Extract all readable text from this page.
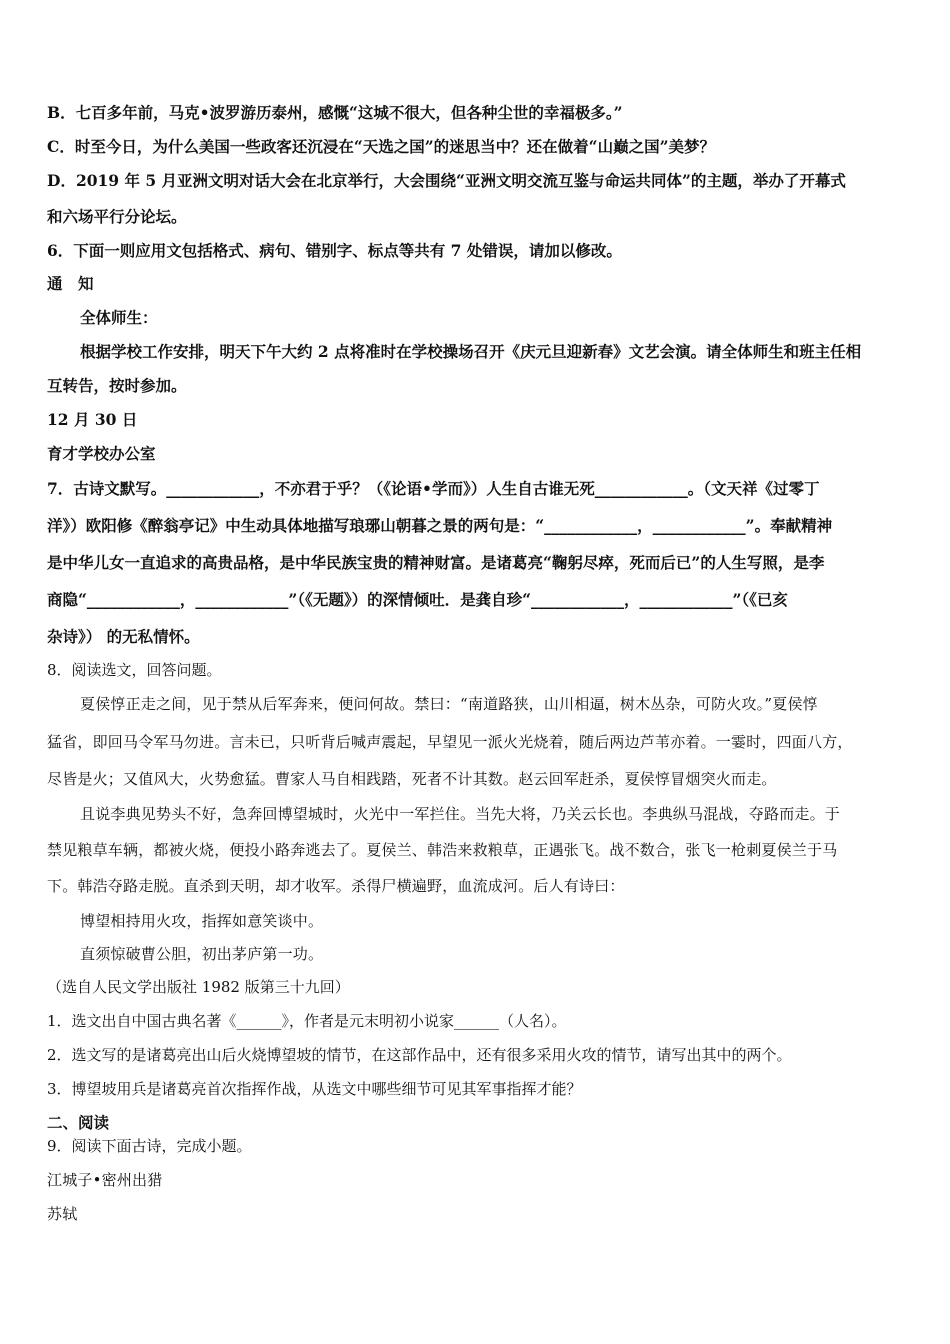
B．七百多年前，马克•波罗游历泰州，感慨“这城不很大，但各种尘世的幸福极多。”
C．时至今日，为什么美国一些政客还沉浸在“天选之国”的迷思当中？还在做着“山巅之国”美梦？
D．2019 年 5 月亚洲文明对话大会在北京举行，大会围绕“亚洲文明交流互鉴与命运共同体”的主题，举办了开幕式
和六场平行分论坛。
6．下面一则应用文包括格式、病句、错别字、标点等共有 7 处错误，请加以修改。
通　知
全体师生：
根据学校工作安排，明天下午大约 2 点将准时在学校操场召开《庆元旦迎新春》文艺会演。请全体师生和班主任相
互转告，按时参加。
12 月 30 日
育才学校办公室
7．古诗文默写。____________，不亦君于乎？（《论语•学而》）人生自古谁无死____________。（文天祥《过零丁
洋》）欧阳修《醉翁亭记》中生动具体地描写琅琊山朝暮之景的两句是：“____________，____________”。奉献精神
是中华儿女一直追求的高贵品格，是中华民族宝贵的精神财富。是诸葛亮“鞠躬尽瘁，死而后已”的人生写照，是李
商隐“____________，____________”（《无题》）的深情倾吐．是龚自珍“____________，____________”（《已亥
杂诗》） 的无私情怀。
8．阅读选文，回答问题。
夏侯惇正走之间，见于禁从后军奔来，便问何故。禁曰：“南道路狭，山川相逼，树木丛杂，可防火攻。”夏侯惇
猛省，即回马令军马勿进。言未已，只听背后喊声震起，早望见一派火光烧着，随后两边芦苇亦着。一霎时，四面八方，
尽皆是火；又值风大，火势愈猛。曹家人马自相践踏，死者不计其数。赵云回军赶杀，夏侯惇冒烟突火而走。
且说李典见势头不好，急奔回博望城时，火光中一军拦住。当先大将，乃关云长也。李典纵马混战，夺路而走。于
禁见粮草车辆，都被火烧，便投小路奔逃去了。夏侯兰、韩浩来救粮草，正遇张飞。战不数合，张飞一枪刺夏侯兰于马
下。韩浩夺路走脱。直杀到天明，却才收军。杀得尸横遍野，血流成河。后人有诗曰：
博望相持用火攻，指挥如意笑谈中。
直须惊破曹公胆，初出茅庐第一功。
（选自人民文学出版社 1982 版第三十九回）
1．选文出自中国古典名著《______》，作者是元末明初小说家______（人名）。
2．选文写的是诸葛亮出山后火烧博望坡的情节，在这部作品中，还有很多采用火攻的情节，请写出其中的两个。
3．博望坡用兵是诸葛亮首次指挥作战，从选文中哪些细节可见其军事指挥才能？
二、阅读
9．阅读下面古诗，完成小题。
江城子•密州出猎
苏轼
